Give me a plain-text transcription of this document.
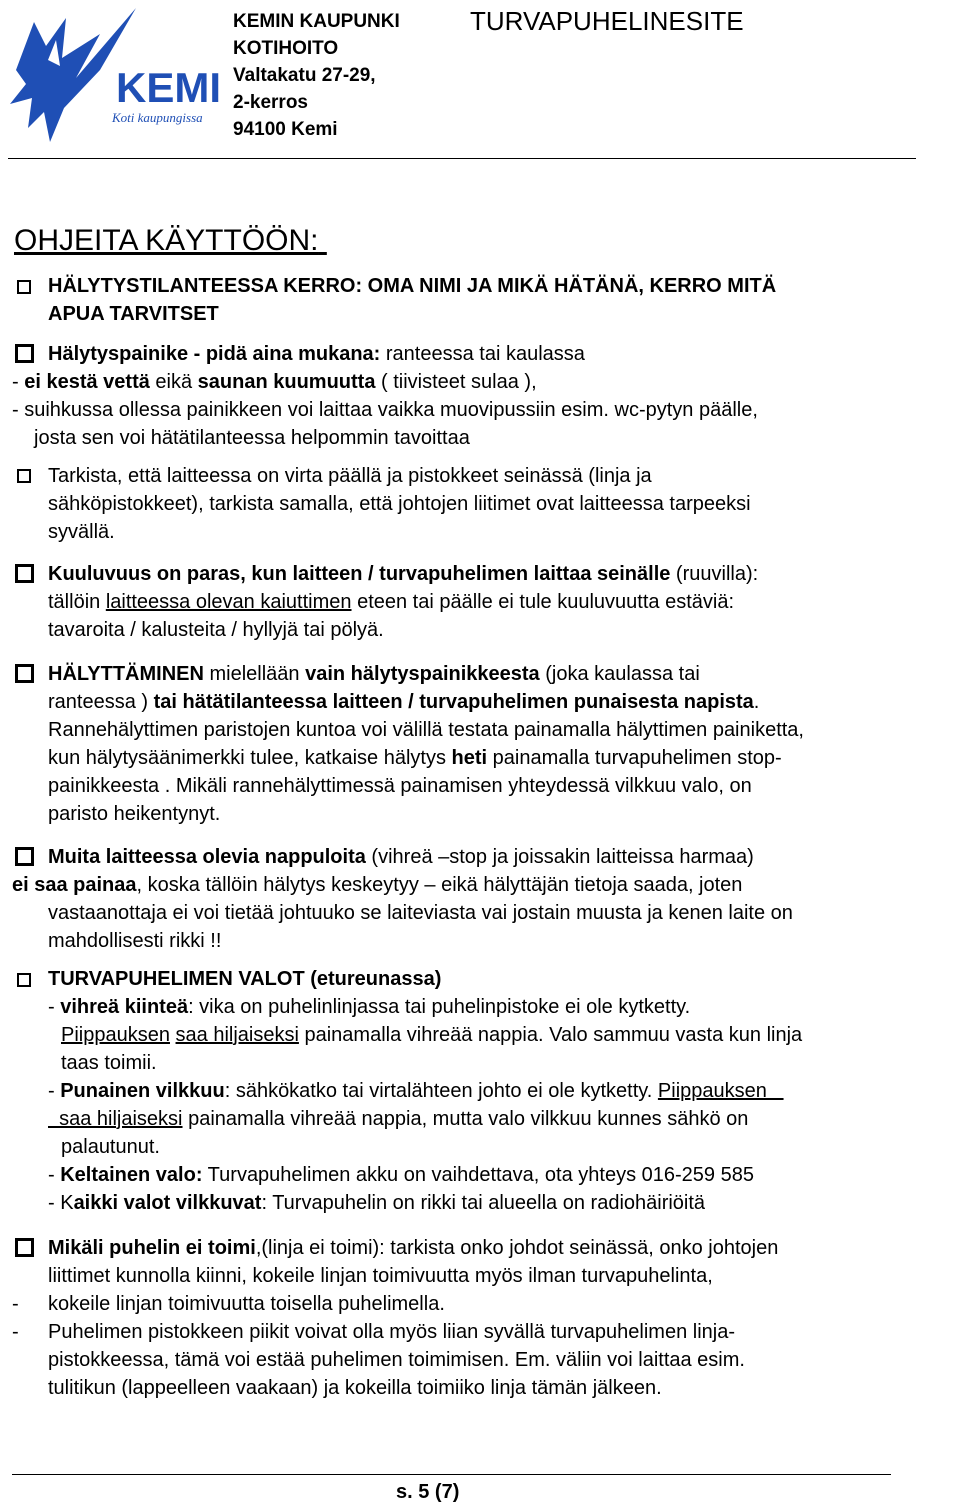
KEMI
Koti kaupungissa
KEMIN KAUPUNKI
KOTIHOITO
Valtakatu 27-29,
2-kerros
94100 Kemi
TURVAPUHELINESITE
OHJEITA KÄYTTÖÖN:
HÄLYTYSTILANTEESSA KERRO: OMA NIMI JA MIKÄ HÄTÄNÄ, KERRO MITÄ
APUA TARVITSET
Hälytyspainike - pidä aina mukana: ranteessa tai kaulassa
- ei kestä vettä eikä saunan kuumuutta ( tiivisteet sulaa ),
- suihkussa ollessa painikkeen voi laittaa vaikka muovipussiin esim. wc-pytyn päälle,
josta sen voi hätätilanteessa helpommin tavoittaa
Tarkista, että laitteessa on virta päällä ja pistokkeet seinässä (linja ja
sähköpistokkeet), tarkista samalla, että johtojen liitimet ovat laitteessa tarpeeksi
syvällä.
Kuuluvuus on paras, kun laitteen / turvapuhelimen laittaa seinälle (ruuvilla):
tällöin laitteessa olevan kaiuttimen eteen tai päälle ei tule kuuluvuutta estäviä:
tavaroita / kalusteita / hyllyjä tai pölyä.
HÄLYTTÄMINEN mielellään vain hälytyspainikkeesta (joka kaulassa tai
ranteessa ) tai hätätilanteessa laitteen / turvapuhelimen punaisesta napista.
Rannehälyttimen paristojen kuntoa voi välillä testata painamalla hälyttimen painiketta,
kun hälytysäänimerkki tulee, katkaise hälytys heti painamalla turvapuhelimen stop-
painikkeesta . Mikäli rannehälyttimessä painamisen yhteydessä vilkkuu valo, on
paristo heikentynyt.
Muita laitteessa olevia nappuloita (vihreä –stop ja joissakin laitteissa harmaa)
ei saa painaa, koska tällöin hälytys keskeytyy – eikä hälyttäjän tietoja saada, joten
vastaanottaja ei voi tietää johtuuko se laiteviasta vai jostain muusta ja kenen laite on
mahdollisesti rikki !!
TURVAPUHELIMEN VALOT (etureunassa)
- vihreä kiinteä: vika on puhelinlinjassa tai puhelinpistoke ei ole kytketty.
Piippauksen saa hiljaiseksi painamalla vihreää nappia. Valo sammuu vasta kun linja
taas toimii.
- Punainen vilkkuu: sähkökatko tai virtalähteen johto ei ole kytketty. Piippauksen
saa hiljaiseksi painamalla vihreää nappia, mutta valo vilkkuu kunnes sähkö on
palautunut.
- Keltainen valo: Turvapuhelimen akku on vaihdettava, ota yhteys 016-259 585
- Kaikki valot vilkkuvat: Turvapuhelin on rikki tai alueella on radiohäiriöitä
Mikäli puhelin ei toimi,(linja ei toimi): tarkista onko johdot seinässä, onko johtojen
liittimet kunnolla kiinni, kokeile linjan toimivuutta myös ilman turvapuhelinta,
- kokeile linjan toimivuutta toisella puhelimella.
- Puhelimen pistokkeen piikit voivat olla myös liian syvällä turvapuhelimen linja-
pistokkeessa, tämä voi estää puhelimen toimimisen. Em. väliin voi laittaa esim.
tulitikun (lappeelleen vaakaan) ja kokeilla toimiiko linja tämän jälkeen.
s. 5 (7)
